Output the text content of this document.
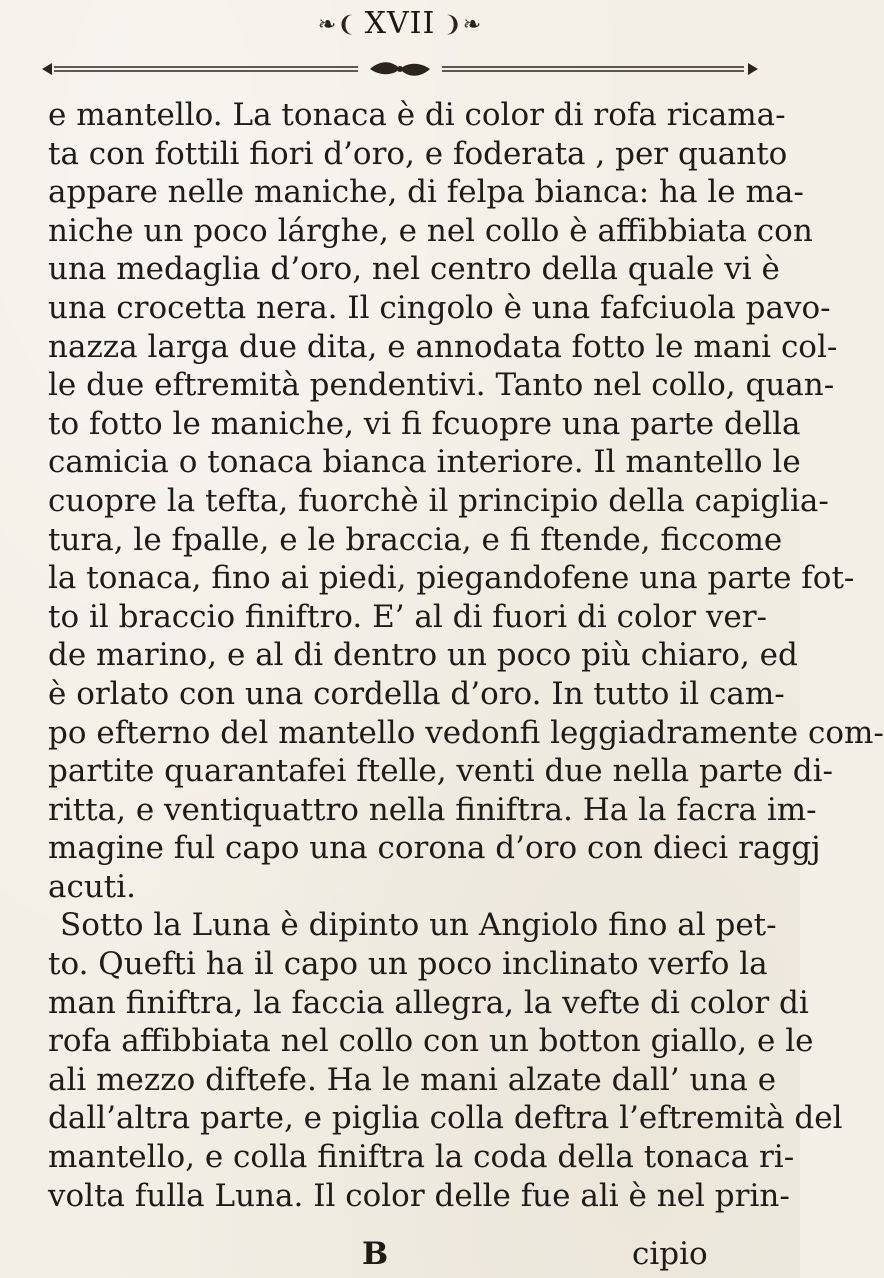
❧❨ XVII ❩❧
e mantello. La tonaca è di color di rofa ricama-
ta con fottili fiori d’oro, e foderata , per quanto
appare nelle maniche, di felpa bianca: ha le ma-
niche un poco lárghe, e nel collo è affibbiata con
una medaglia d’oro, nel centro della quale vi è
una crocetta nera. Il cingolo è una fafciuola pavo-
nazza larga due dita, e annodata fotto le mani col-
le due eftremità pendentivi. Tanto nel collo, quan-
to fotto le maniche, vi fi fcuopre una parte della
camicia o tonaca bianca interiore. Il mantello le
cuopre la tefta, fuorchè il principio della capiglia-
tura, le fpalle, e le braccia, e fi ftende, ficcome
la tonaca, fino ai piedi, piegandofene una parte fot-
to il braccio finiftro. E’ al di fuori di color ver-
de marino, e al di dentro un poco più chiaro, ed
è orlato con una cordella d’oro. In tutto il cam-
po efterno del mantello vedonfi leggiadramente com-
partite quarantafei ftelle, venti due nella parte di-
ritta, e ventiquattro nella finiftra. Ha la facra im-
magine ful capo una corona d’oro con dieci raggj
acuti.
Sotto la Luna è dipinto un Angiolo fino al pet-
to. Quefti ha il capo un poco inclinato verfo la
man finiftra, la faccia allegra, la vefte di color di
rofa affibbiata nel collo con un botton giallo, e le
ali mezzo diftefe. Ha le mani alzate dall’ una e
dall’altra parte, e piglia colla deftra l’eftremità del
mantello, e colla finiftra la coda della tonaca ri-
volta fulla Luna. Il color delle fue ali è nel prin-
B	cipio
